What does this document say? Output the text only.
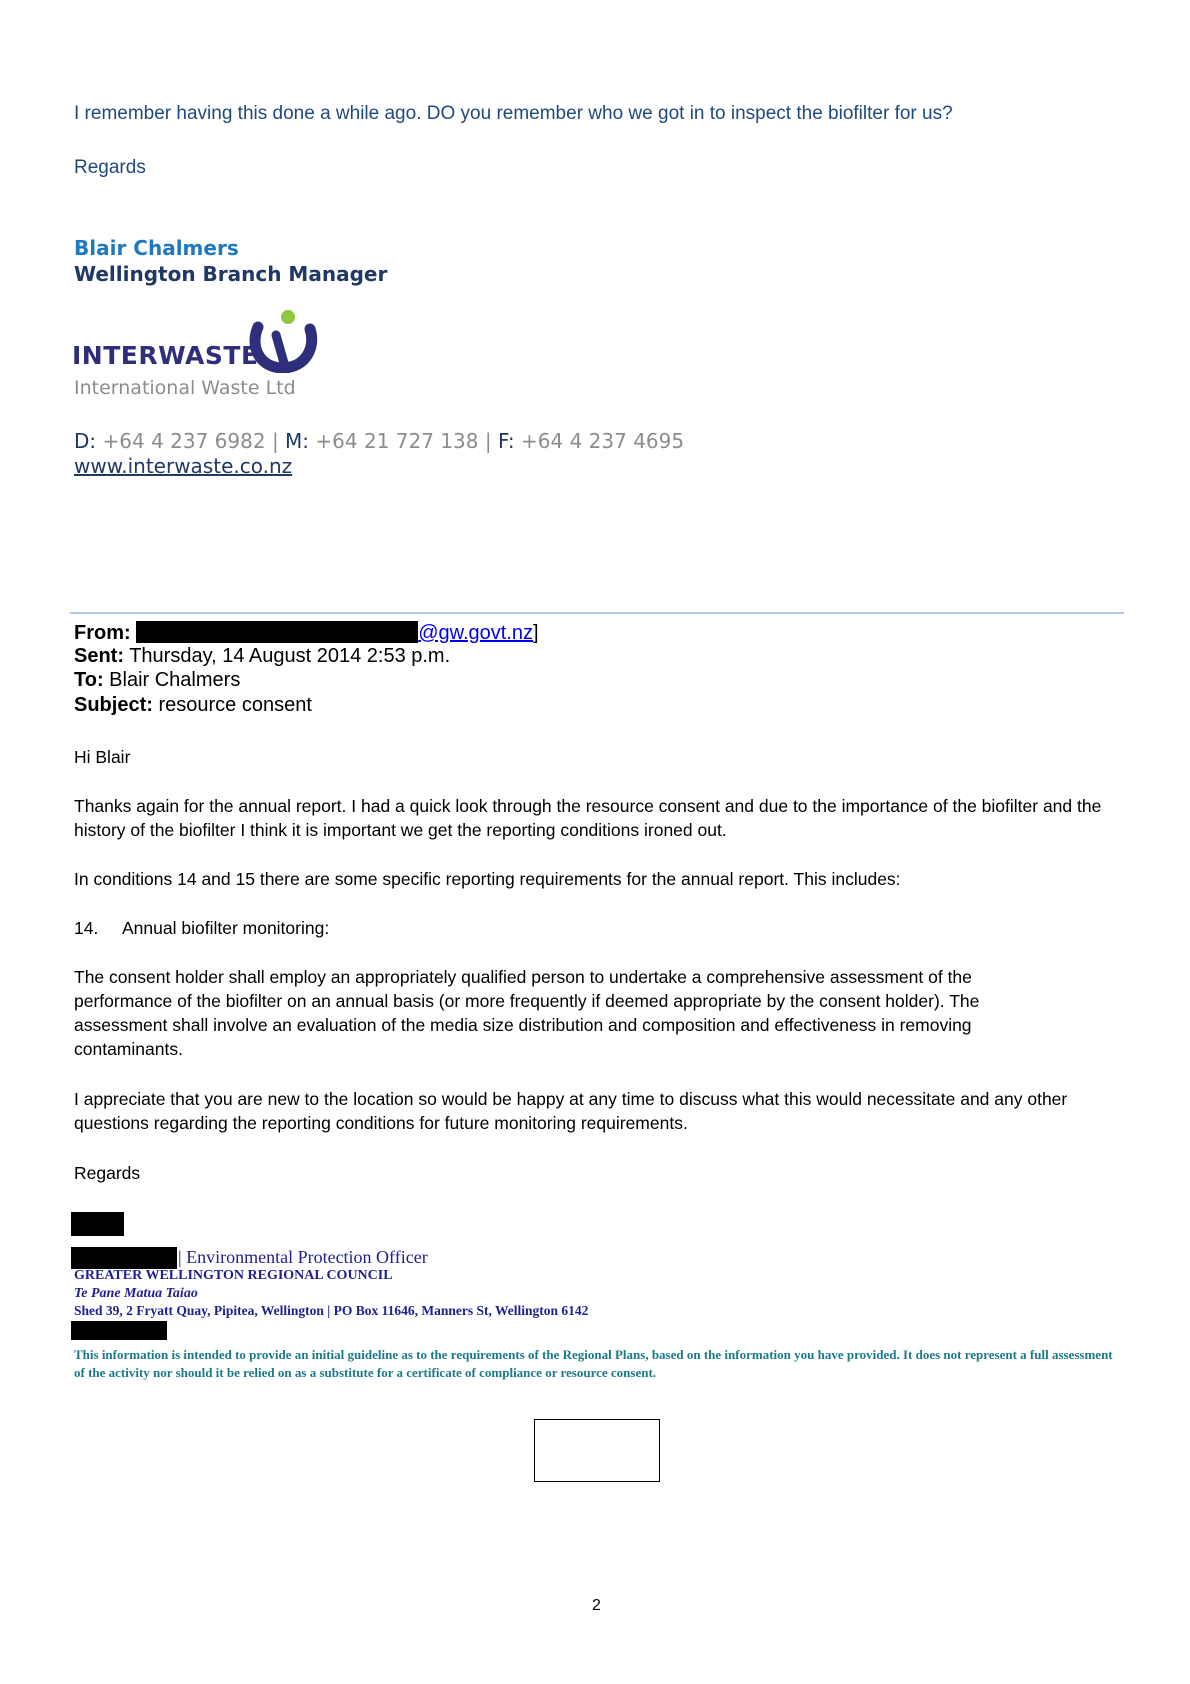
I remember having this done a while ago. DO you remember who we got in to inspect the biofilter for us?
Regards
Blair Chalmers
Wellington Branch Manager
INTERWASTE
International Waste Ltd
D: +64 4 237 6982 | M: +64 21 727 138 | F: +64 4 237 4695
www.interwaste.co.nz
From:	@gw.govt.nz]
Sent: Thursday, 14 August 2014 2:53 p.m.
To: Blair Chalmers
Subject: resource consent
Hi Blair
Thanks again for the annual report. I had a quick look through the resource consent and due to the importance of the biofilter and the history of the biofilter I think it is important we get the reporting conditions ironed out.
In conditions 14 and 15 there are some specific reporting requirements for the annual report. This includes:
14. Annual biofilter monitoring:
The consent holder shall employ an appropriately qualified person to undertake a comprehensive assessment of the performance of the biofilter on an annual basis (or more frequently if deemed appropriate by the consent holder). The assessment shall involve an evaluation of the media size distribution and composition and effectiveness in removing contaminants.
I appreciate that you are new to the location so would be happy at any time to discuss what this would necessitate and any other questions regarding the reporting conditions for future monitoring requirements.
Regards
| Environmental Protection Officer
GREATER WELLINGTON REGIONAL COUNCIL
Te Pane Matua Taiao
Shed 39, 2 Fryatt Quay, Pipitea, Wellington | PO Box 11646, Manners St, Wellington 6142
This information is intended to provide an initial guideline as to the requirements of the Regional Plans, based on the information you have provided. It does not represent a full assessment of the activity nor should it be relied on as a substitute for a certificate of compliance or resource consent.
2
